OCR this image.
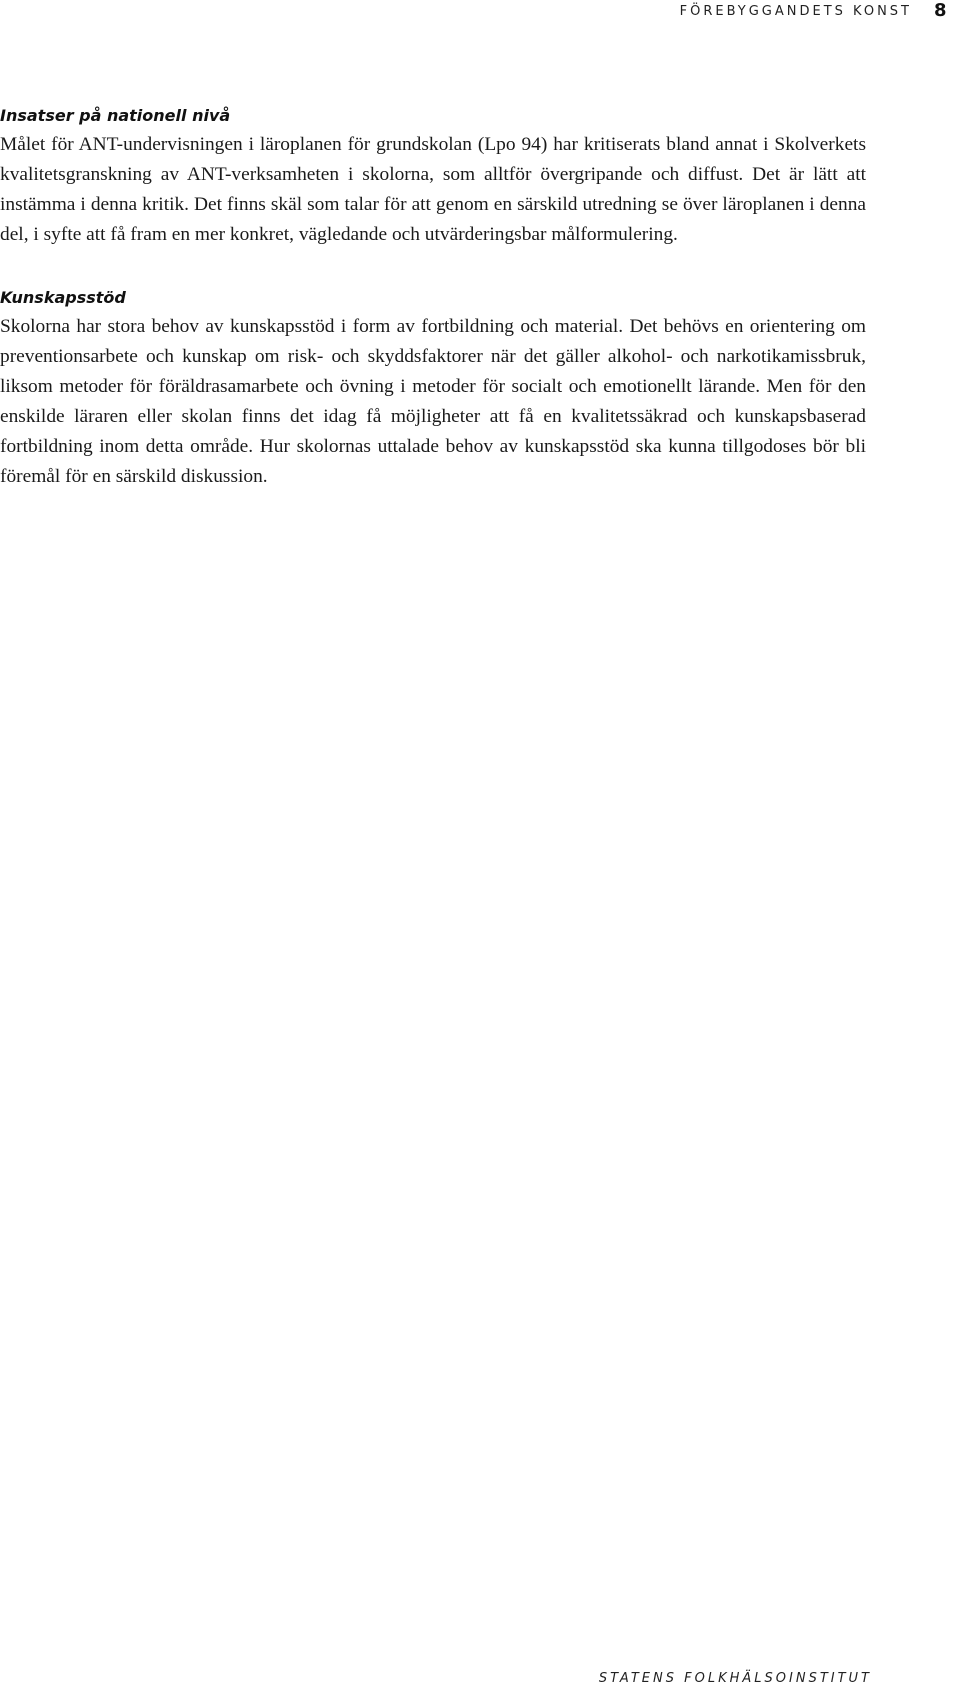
FÖREBYGGANDETS KONST 8
Insatser på nationell nivå

Målet för ANT-undervisningen i läroplanen för grundskolan (Lpo 94) har kritiserats bland annat i Skolverkets kvalitetsgranskning av ANT-verksamheten i skolorna, som alltför övergripande och diffust. Det är lätt att instämma i denna kritik. Det finns skäl som talar för att genom en särskild utredning se över läroplanen i denna del, i syfte att få fram en mer konkret, vägledande och utvärderingsbar målformulering.

Kunskapsstöd

Skolorna har stora behov av kunskapsstöd i form av fortbildning och material. Det behövs en orientering om preventionsarbete och kunskap om risk- och skyddsfaktorer när det gäller alkohol- och narkotikamissbruk, liksom metoder för föräldrasamarbete och övning i metoder för socialt och emotionellt lärande. Men för den enskilde läraren eller skolan finns det idag få möjligheter att få en kvalitetssäkrad och kunskapsbaserad fortbildning inom detta område. Hur skolornas uttalade behov av kunskapsstöd ska kunna tillgodoses bör bli föremål för en särskild diskussion.

STATENS FOLKHÄLSOINSTITUT
